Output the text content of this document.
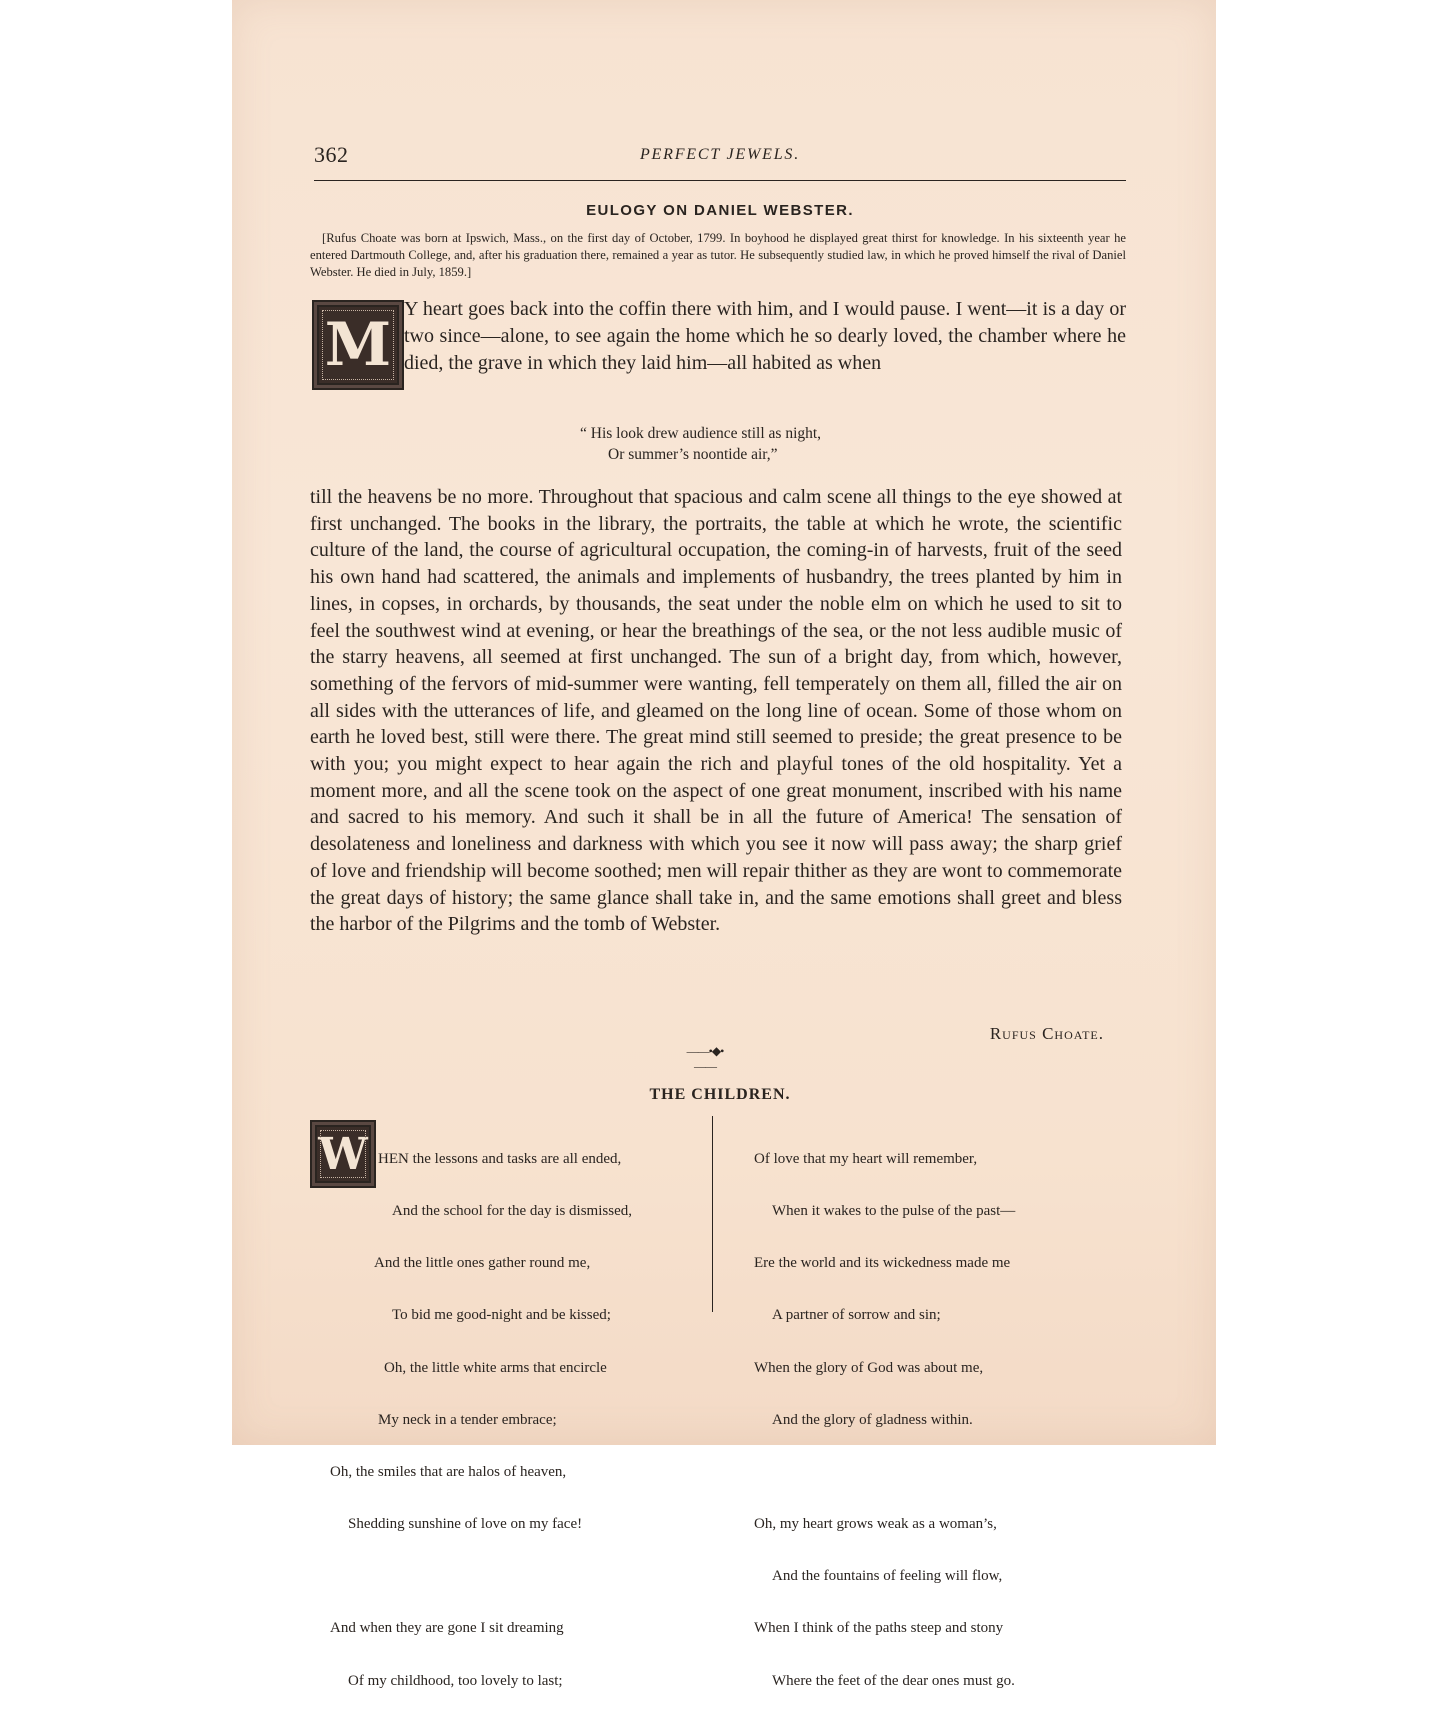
362	PERFECT JEWELS.
EULOGY ON DANIEL WEBSTER.
[Rufus Choate was born at Ipswich, Mass., on the first day of October, 1799. In boyhood he displayed great thirst for knowledge. In his sixteenth year he entered Dartmouth College, and, after his graduation there, remained a year as tutor. He subsequently studied law, in which he proved himself the rival of Daniel Webster. He died in July, 1859.]
M
Y heart goes back into the coffin there with him, and I would pause. I went—it is a day or two since—alone, to see again the home which he so dearly loved, the chamber where he died, the grave in which they laid him—all habited as when
“ His look drew audience still as night,
Or summer’s noontide air,”
till the heavens be no more. Throughout that spacious and calm scene all things to the eye showed at first unchanged. The books in the library, the portraits, the table at which he wrote, the scientific culture of the land, the course of agricultural occupation, the coming-in of harvests, fruit of the seed his own hand had scattered, the animals and implements of husbandry, the trees planted by him in lines, in copses, in orchards, by thousands, the seat under the noble elm on which he used to sit to feel the southwest wind at evening, or hear the breathings of the sea, or the not less audible music of the starry heavens, all seemed at first unchanged. The sun of a bright day, from which, however, something of the fervors of mid-summer were wanting, fell temperately on them all, filled the air on all sides with the utterances of life, and gleamed on the long line of ocean. Some of those whom on earth he loved best, still were there. The great mind still seemed to preside; the great presence to be with you; you might expect to hear again the rich and playful tones of the old hospitality. Yet a moment more, and all the scene took on the aspect of one great monument, inscribed with his name and sacred to his memory. And such it shall be in all the future of America! The sensation of desolateness and loneliness and darkness with which you see it now will pass away; the sharp grief of love and friendship will become soothed; men will repair thither as they are wont to commemorate the great days of history; the same glance shall take in, and the same emotions shall greet and bless the harbor of the Pilgrims and the tomb of Webster.
Rufus Choate.
——•◆•——
THE CHILDREN.
W

HEN the lessons and tasks are all ended,

And the school for the day is dismissed,

And the little ones gather round me,

To bid me good-night and be kissed;

Oh, the little white arms that encircle

My neck in a tender embrace;

Oh, the smiles that are halos of heaven,

Shedding sunshine of love on my face!

And when they are gone I sit dreaming

Of my childhood, too lovely to last;

Of love that my heart will remember,

When it wakes to the pulse of the past—

Ere the world and its wickedness made me

A partner of sorrow and sin;

When the glory of God was about me,

And the glory of gladness within.

Oh, my heart grows weak as a woman’s,

And the fountains of feeling will flow,

When I think of the paths steep and stony

Where the feet of the dear ones must go.
